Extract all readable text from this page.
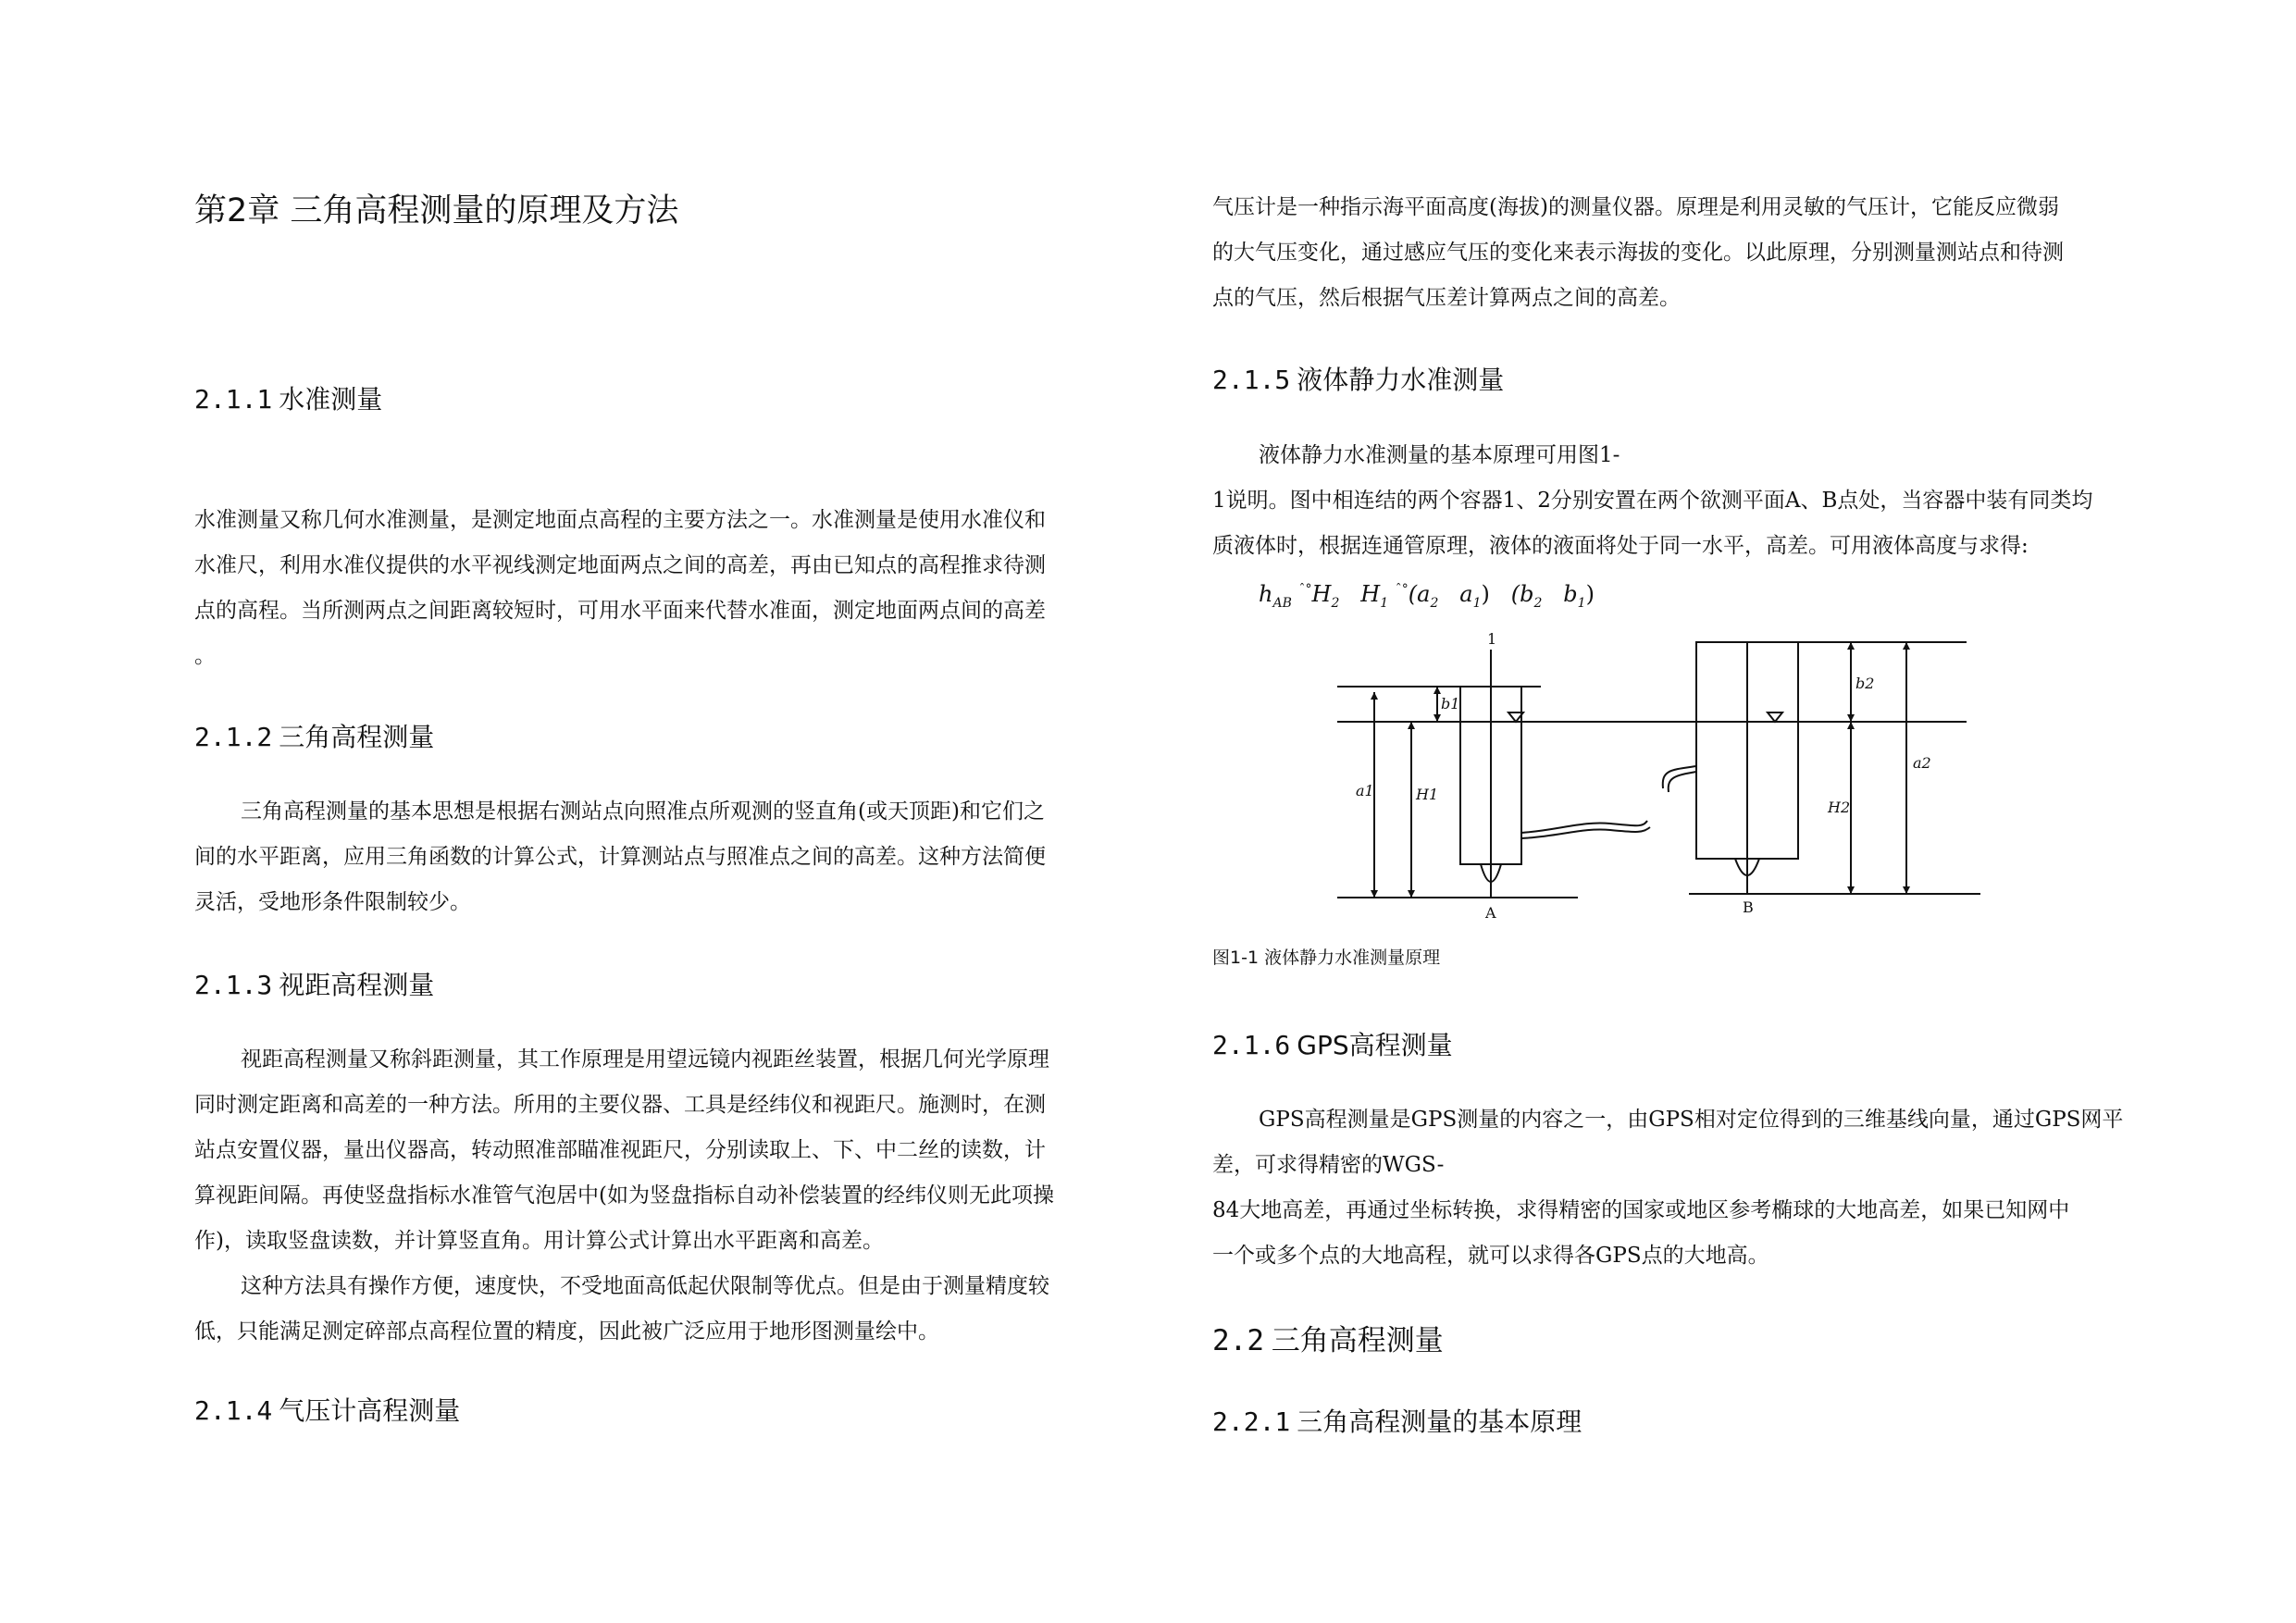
第2章 三角高程测量的原理及方法
2.1.1 水准测量
水准测量又称几何水准测量，是测定地面点高程的主要方法之一。水准测量是使用水准仪和
水准尺，利用水准仪提供的水平视线测定地面两点之间的高差，再由已知点的高程推求待测
点的高程。当所测两点之间距离较短时，可用水平面来代替水准面，测定地面两点间的高差
。
2.1.2 三角高程测量
三角高程测量的基本思想是根据右测站点向照准点所观测的竖直角(或天顶距)和它们之
间的水平距离，应用三角函数的计算公式，计算测站点与照准点之间的高差。这种方法简便
灵活，受地形条件限制较少。
2.1.3 视距高程测量
视距高程测量又称斜距测量，其工作原理是用望远镜内视距丝装置，根据几何光学原理
同时测定距离和高差的一种方法。所用的主要仪器、工具是经纬仪和视距尺。施测时，在测
站点安置仪器，量出仪器高，转动照准部瞄准视距尺，分别读取上、下、中二丝的读数，计
算视距间隔。再使竖盘指标水准管气泡居中(如为竖盘指标自动补偿装置的经纬仪则无此项操
作)，读取竖盘读数，并计算竖直角。用计算公式计算出水平距离和高差。
这种方法具有操作方便，速度快，不受地面高低起伏限制等优点。但是由于测量精度较
低，只能满足测定碎部点高程位置的精度，因此被广泛应用于地形图测量绘中。
2.1.4 气压计高程测量
气压计是一种指示海平面高度(海拔)的测量仪器。原理是利用灵敏的气压计，它能反应微弱
的大气压变化，通过感应气压的变化来表示海拔的变化。以此原理，分别测量测站点和待测
点的气压，然后根据气压差计算两点之间的高差。
2.1.5 液体静力水准测量
液体静力水准测量的基本原理可用图1-
1说明。图中相连结的两个容器1、2分别安置在两个欲测平面A、B点处，当容器中装有同类均
质液体时，根据连通管原理，液体的液面将处于同一水平，高差。可用液体高度与求得:
$h_{AB}$ $^{ˆ^\circ}H_2$ $H_1$ $^{ˆ^\circ}(a_2$ $a_1$) ($b_2$ $b_1$)
1
b1
a1	H1
A
b2
a2
H2
B
图1-1 液体静力水准测量原理
2.1.6 GPS高程测量
GPS高程测量是GPS测量的内容之一，由GPS相对定位得到的三维基线向量，通过GPS网平
差，可求得精密的WGS-
84大地高差，再通过坐标转换，求得精密的国家或地区参考椭球的大地高差，如果已知网中
一个或多个点的大地高程，就可以求得各GPS点的大地高。
2.2 三角高程测量
2.2.1 三角高程测量的基本原理
